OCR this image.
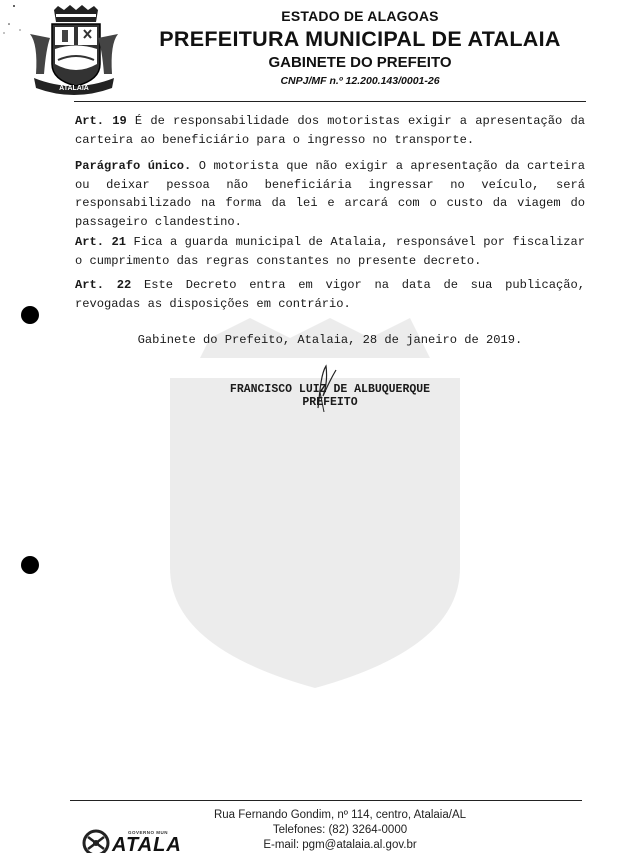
ATALAIA
ESTADO DE ALAGOAS
PREFEITURA MUNICIPAL DE ATALAIA
GABINETE DO PREFEITO
CNPJ/MF n.º 12.200.143/0001-26
Art. 19 É de responsabilidade dos motoristas exigir a apresentação da carteira ao beneficiário para o ingresso no transporte.
Parágrafo único. O motorista que não exigir a apresentação da carteira ou deixar pessoa não beneficiária ingressar no veículo, será responsabilizado na forma da lei e arcará com o custo da viagem do passageiro clandestino.
Art. 21 Fica a guarda municipal de Atalaia, responsável por fiscalizar o cumprimento das regras constantes no presente decreto.
Art. 22 Este Decreto entra em vigor na data de sua publicação, revogadas as disposições em contrário.
Gabinete do Prefeito, Atalaia, 28 de janeiro de 2019.
FRANCISCO LUIZ DE ALBUQUERQUE
PREFEITO
Rua Fernando Gondim, nº 114, centro, Atalaia/AL
Telefones: (82) 3264-0000
E-mail: pgm@atalaia.al.gov.br
GOVERNO MUN
ATALA
